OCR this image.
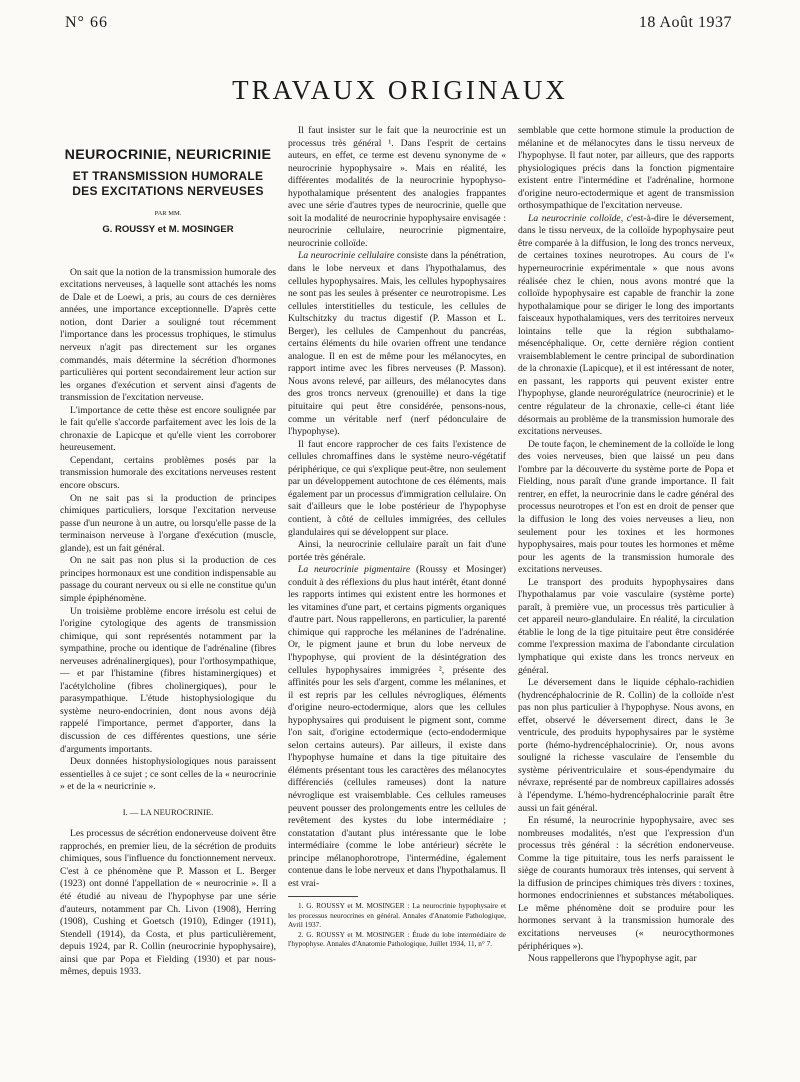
N° 66	18 Août 1937
TRAVAUX ORIGINAUX
NEUROCRINIE, NEURICRINIE
ET TRANSMISSION HUMORALE
DES EXCITATIONS NERVEUSES
PAR MM.
G. ROUSSY et M. MOSINGER

On sait que la notion de la transmission humorale des excitations nerveuses, à laquelle sont attachés les noms de Dale et de Loewi, a pris, au cours de ces dernières années, une importance exceptionnelle. D'après cette notion, dont Darier a souligné tout récemment l'importance dans les processus trophiques, le stimulus nerveux n'agit pas directement sur les organes commandés, mais détermine la sécrétion d'hormones particulières qui portent secondairement leur action sur les organes d'exécution et servent ainsi d'agents de transmission de l'excitation nerveuse.

L'importance de cette thèse est encore soulignée par le fait qu'elle s'accorde parfaitement avec les lois de la chronaxie de Lapicque et qu'elle vient les corroborer heureusement.

Cependant, certains problèmes posés par la transmission humorale des excitations nerveuses restent encore obscurs.

On ne sait pas si la production de principes chimiques particuliers, lorsque l'excitation nerveuse passe d'un neurone à un autre, ou lorsqu'elle passe de la terminaison nerveuse à l'organe d'exécution (muscle, glande), est un fait général.

On ne sait pas non plus si la production de ces principes hormonaux est une condition indispensable au passage du courant nerveux ou si elle ne constitue qu'un simple épiphénomène.

Un troisième problème encore irrésolu est celui de l'origine cytologique des agents de transmission chimique, qui sont représentés notamment par la sympathine, proche ou identique de l'adrénaline (fibres nerveuses adrénalinergiques), pour l'orthosympathique, — et par l'histamine (fibres histaminergiques) et l'acétylcholine (fibres cholinergiques), pour le parasympathique. L'étude histophysiologique du système neuro-endocrinien, dont nous avons déjà rappelé l'importance, permet d'apporter, dans la discussion de ces différentes questions, une série d'arguments importants.

Deux données histophysiologiques nous paraissent essentielles à ce sujet ; ce sont celles de la « neurocrinie » et de la « neuricrinie ».

I. — LA NEUROCRINIE.

Les processus de sécrétion endonerveuse doivent être rapprochés, en premier lieu, de la sécrétion de produits chimiques, sous l'influence du fonctionnement nerveux. C'est à ce phénomène que P. Masson et L. Berger (1923) ont donné l'appellation de « neurocrinie ». Il a été étudié au niveau de l'hypophyse par une série d'auteurs, notamment par Ch. Livon (1908), Herring (1908), Cushing et Goetsch (1910), Edinger (1911), Stendell (1914), da Costa, et plus particulièrement, depuis 1924, par R. Collin (neurocrinie hypophysaire), ainsi que par Popa et Fielding (1930) et par nous-mêmes, depuis 1933.

Il faut insister sur le fait que la neurocrinie est un processus très général ¹. Dans l'esprit de certains auteurs, en effet, ce terme est devenu synonyme de « neurocrinie hypophysaire ». Mais en réalité, les différentes modalités de la neurocrinie hypophyso-hypothalamique présentent des analogies frappantes avec une série d'autres types de neurocrinie, quelle que soit la modalité de neurocrinie hypophysaire envisagée : neurocrinie cellulaire, neurocrinie pigmentaire, neurocrinie colloïde.

La neurocrinie cellulaire consiste dans la pénétration, dans le lobe nerveux et dans l'hypothalamus, des cellules hypophysaires. Mais, les cellules hypophysaires ne sont pas les seules à présenter ce neurotropisme. Les cellules interstitielles du testicule, les cellules de Kultschitzky du tractus digestif (P. Masson et L. Berger), les cellules de Campenhout du pancréas, certains éléments du hile ovarien offrent une tendance analogue. Il en est de même pour les mélanocytes, en rapport intime avec les fibres nerveuses (P. Masson). Nous avons relevé, par ailleurs, des mélanocytes dans des gros troncs nerveux (grenouille) et dans la tige pituitaire qui peut être considérée, pensons-nous, comme un véritable nerf (nerf pédonculaire de l'hypophyse).

Il faut encore rapprocher de ces faits l'existence de cellules chromaffines dans le système neuro-végétatif périphérique, ce qui s'explique peut-être, non seulement par un développement autochtone de ces éléments, mais également par un processus d'immigration cellulaire. On sait d'ailleurs que le lobe postérieur de l'hypophyse contient, à côté de cellules immigrées, des cellules glandulaires qui se développent sur place.

Ainsi, la neurocrinie cellulaire paraît un fait d'une portée très générale.

La neurocrinie pigmentaire (Roussy et Mosinger) conduit à des réflexions du plus haut intérêt, étant donné les rapports intimes qui existent entre les hormones et les vitamines d'une part, et certains pigments organiques d'autre part. Nous rappellerons, en particulier, la parenté chimique qui rapproche les mélanines de l'adrénaline. Or, le pigment jaune et brun du lobe nerveux de l'hypophyse, qui provient de la désintégration des cellules hypophysaires immigrées ², présente des affinités pour les sels d'argent, comme les mélanines, et il est repris par les cellules névrogliques, éléments d'origine neuro-ectodermique, alors que les cellules hypophysaires qui produisent le pigment sont, comme l'on sait, d'origine ectodermique (ecto-endodermique selon certains auteurs). Par ailleurs, il existe dans l'hypophyse humaine et dans la tige pituitaire des éléments présentant tous les caractères des mélanocytes différenciés (cellules rameuses) dont la nature névroglique est vraisemblable. Ces cellules rameuses peuvent pousser des prolongements entre les cellules de revêtement des kystes du lobe intermédiaire ; constatation d'autant plus intéressante que le lobe intermédiaire (comme le lobe antérieur) sécrète le principe mélanophorotrope, l'intermédine, également contenue dans le lobe nerveux et dans l'hypothalamus. Il est vrai-

1. G. ROUSSY et M. MOSINGER : La neurocrinie hypophysaire et les processus neurocrines en général. Annales d'Anatomie Pathologique, Avril 1937.

2. G. ROUSSY et M. MOSINGER : Étude du lobe intermédiaire de l'hypophyse. Annales d'Anatomie Pathologique, Juillet 1934, 11, n° 7.

semblable que cette hormone stimule la production de mélanine et de mélanocytes dans le tissu nerveux de l'hypophyse. Il faut noter, par ailleurs, que des rapports physiologiques précis dans la fonction pigmentaire existent entre l'intermédine et l'adrénaline, hormone d'origine neuro-ectodermique et agent de transmission orthosympathique de l'excitation nerveuse.

La neurocrinie colloïde, c'est-à-dire le déversement, dans le tissu nerveux, de la colloïde hypophysaire peut être comparée à la diffusion, le long des troncs nerveux, de certaines toxines neurotropes. Au cours de l'« hyperneurocrinie expérimentale » que nous avons réalisée chez le chien, nous avons montré que la colloïde hypophysaire est capable de franchir la zone hypothalamique pour se diriger le long des importants faisceaux hypothalamiques, vers des territoires nerveux lointains telle que la région subthalamo-mésencéphalique. Or, cette dernière région contient vraisemblablement le centre principal de subordination de la chronaxie (Lapicque), et il est intéressant de noter, en passant, les rapports qui peuvent exister entre l'hypophyse, glande neurorégulatrice (neurocrinie) et le centre régulateur de la chronaxie, celle-ci étant liée désormais au problème de la transmission humorale des excitations nerveuses.

De toute façon, le cheminement de la colloïde le long des voies nerveuses, bien que laissé un peu dans l'ombre par la découverte du système porte de Popa et Fielding, nous paraît d'une grande importance. Il fait rentrer, en effet, la neurocrinie dans le cadre général des processus neurotropes et l'on est en droit de penser que la diffusion le long des voies nerveuses a lieu, non seulement pour les toxines et les hormones hypophysaires, mais pour toutes les hormones et même pour les agents de la transmission humorale des excitations nerveuses.

Le transport des produits hypophysaires dans l'hypothalamus par voie vasculaire (système porte) paraît, à première vue, un processus très particulier à cet appareil neuro-glandulaire. En réalité, la circulation établie le long de la tige pituitaire peut être considérée comme l'expression maxima de l'abondante circulation lymphatique qui existe dans les troncs nerveux en général.

Le déversement dans le liquide céphalo-rachidien (hydrencéphalocrinie de R. Collin) de la colloïde n'est pas non plus particulier à l'hypophyse. Nous avons, en effet, observé le déversement direct, dans le 3e ventricule, des produits hypophysaires par le système porte (hémo-hydrencéphalocrinie). Or, nous avons souligné la richesse vasculaire de l'ensemble du système périventriculaire et sous-épendymaire du névraxe, représenté par de nombreux capillaires adossés à l'épendyme. L'hémo-hydrencéphalocrinie paraît être aussi un fait général.

En résumé, la neurocrinie hypophysaire, avec ses nombreuses modalités, n'est que l'expression d'un processus très général : la sécrétion endonerveuse. Comme la tige pituitaire, tous les nerfs paraissent le siège de courants humoraux très intenses, qui servent à la diffusion de principes chimiques très divers : toxines, hormones endocriniennes et substances métaboliques. Le même phénomène doit se produire pour les hormones servant à la transmission humorale des excitations nerveuses (« neurocythormones périphériques »).

Nous rappellerons que l'hypophyse agit, par
